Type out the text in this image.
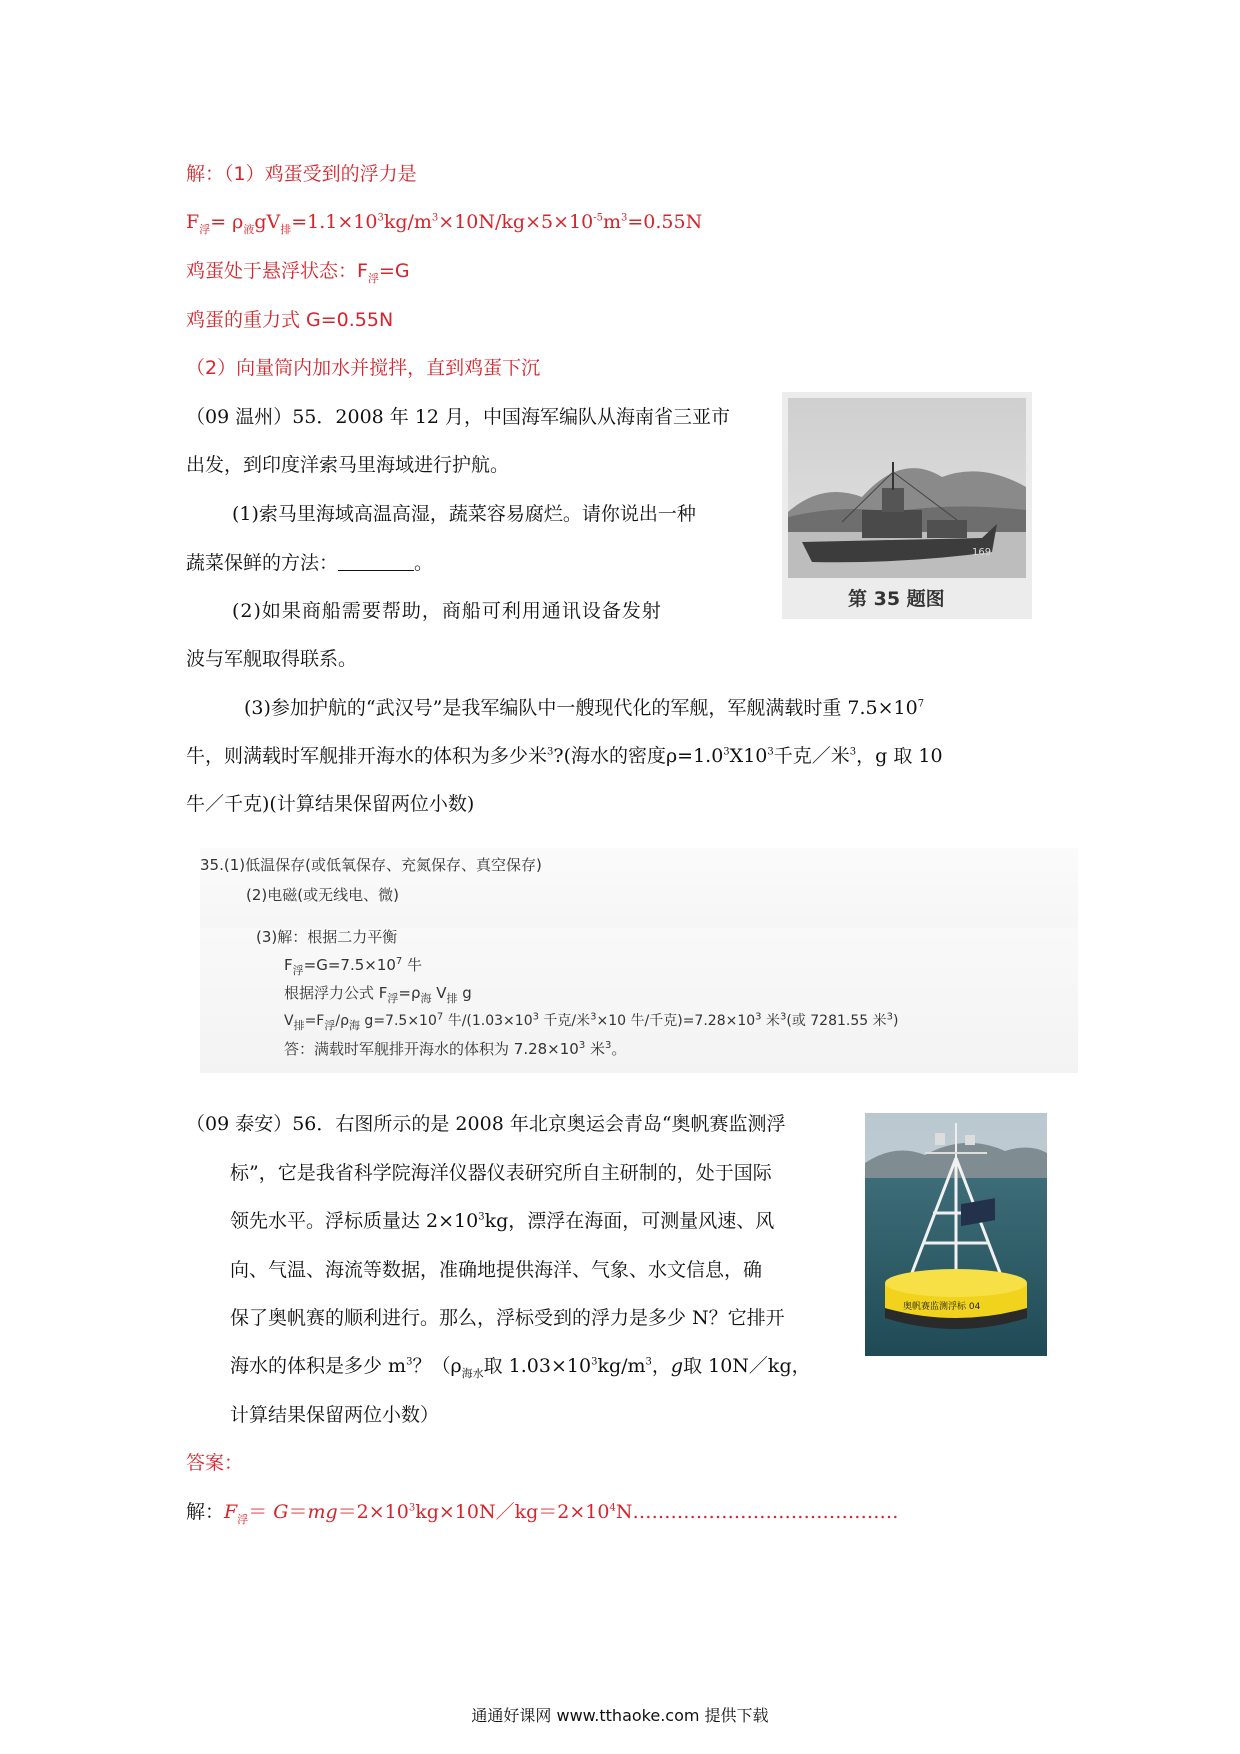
解：（1）鸡蛋受到的浮力是
$F_浮= \rho_液gV_排=1.1\times 10^3kg/m^3\times 10N/kg\times 5\times 10^{-5}m^3=0.55N$
鸡蛋处于悬浮状态：$F_浮=G$
鸡蛋的重力式 G=0.55N
（2）向量筒内加水并搅拌，直到鸡蛋下沉
（09 温州）55．2008 年 12 月，中国海军编队从海南省三亚市
出发，到印度洋索马里海域进行护航。
(1)索马里海域高温高湿，蔬菜容易腐烂。请你说出一种
蔬菜保鲜的方法：	。
(2)如果商船需要帮助，商船可利用通讯设备发射
波与军舰取得联系。
(3)参加护航的“武汉号”是我军编队中一艘现代化的军舰，军舰满载时重 $7.5\times 10^7$
牛，则满载时军舰排开海水的体积为多少米$^3$?(海水的密度$\rho=1.0^3X10^3$千克／米$^3$，g 取 10
牛／千克)(计算结果保留两位小数)
169
第 35 题图
35.(1)低温保存(或低氧保存、充氮保存、真空保存)
(2)电磁(或无线电、微)
(3)解：根据二力平衡
$F_浮=G=7.5\times 10^7$ 牛
根据浮力公式 $F_浮=\rho_海$ $V_排$ g
$V_排=F_浮/\rho_海$ $g=7.5\times 10^7$ 牛$/(1.03\times 10^3$ 千克/米$^3$×10 牛/千克)$=7.28\times 10^3$ 米$^3$(或 7281.55 米$^3$)
答：满载时军舰排开海水的体积为 $7.28\times 10^3$ 米$^3$。
（09 泰安）56．右图所示的是 2008 年北京奥运会青岛“奥帆赛监测浮
标”，它是我省科学院海洋仪器仪表研究所自主研制的，处于国际
领先水平。浮标质量达 $2\times 10^3kg$，漂浮在海面，可测量风速、风
向、气温、海流等数据，准确地提供海洋、气象、水文信息，确
保了奥帆赛的顺利进行。那么，浮标受到的浮力是多少 N？它排开
海水的体积是多少 $m^3$？（$\rho_{海水}$取 $1.03\times 10^3kg/m^3$，g取 10N／kg，
计算结果保留两位小数）
奥帆赛监测浮标 04
答案：
解：$F_浮=$ $G=mg=2\times 10^3kg\times 10N/kg=2\times 10^4N\dots\dots\dots\dots\dots\dots\dots\dots\dots\dots\dots\dots\dots\dots$
通通好课网 www.tthaoke.com 提供下载
